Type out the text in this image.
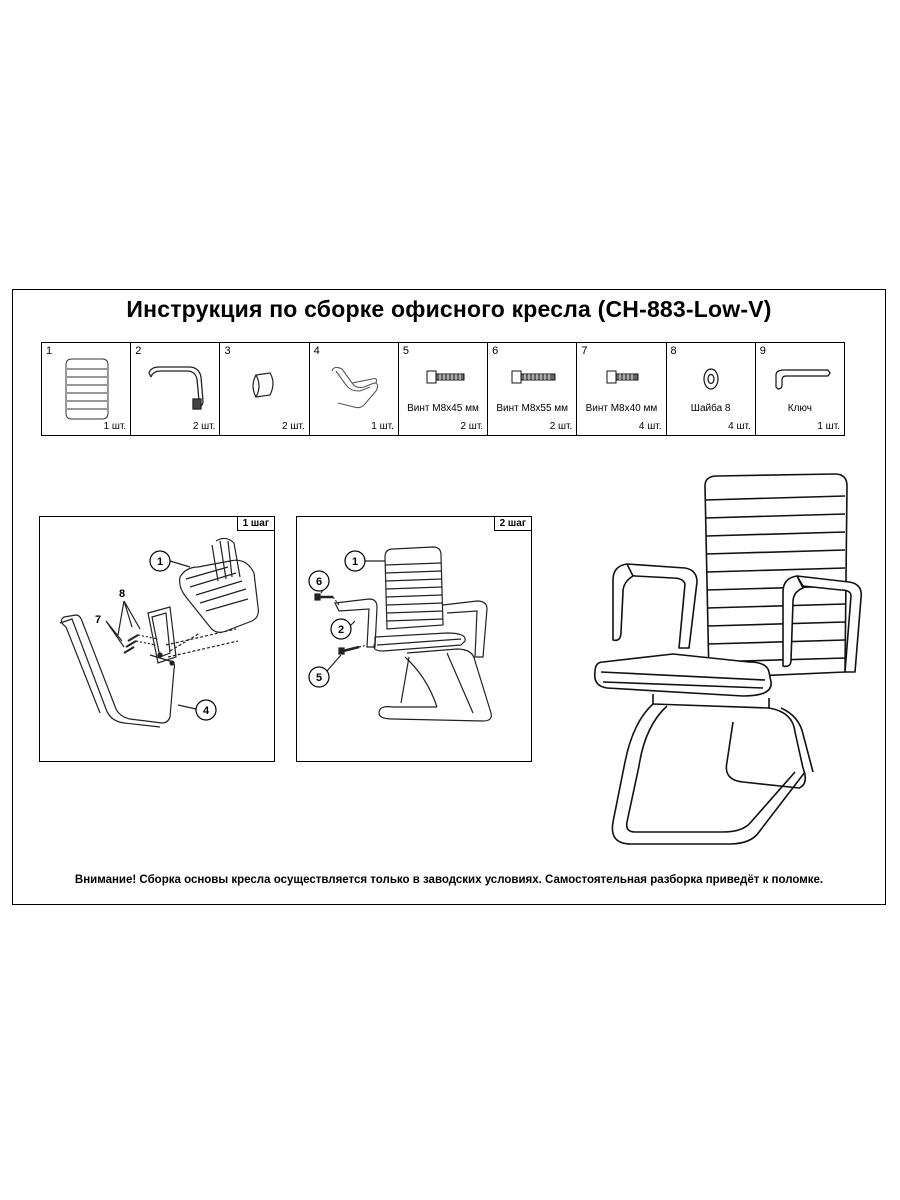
Инструкция по сборке офисного кресла (CH-883-Low-V)
1
1 шт.
2
2 шт.
3
2 шт.
4
1 шт.
5
Винт M8x45 мм
2 шт.
6
Винт M8x55 мм
2 шт.
7
Винт M8x40 мм
4 шт.
8
Шайба 8
4 шт.
9
Ключ
1 шт.
1 шаг
1
8
7
4
2 шаг
1
6
2
5
Внимание! Сборка основы кресла осуществляется только в заводских условиях. Самостоятельная разборка приведёт к поломке.
